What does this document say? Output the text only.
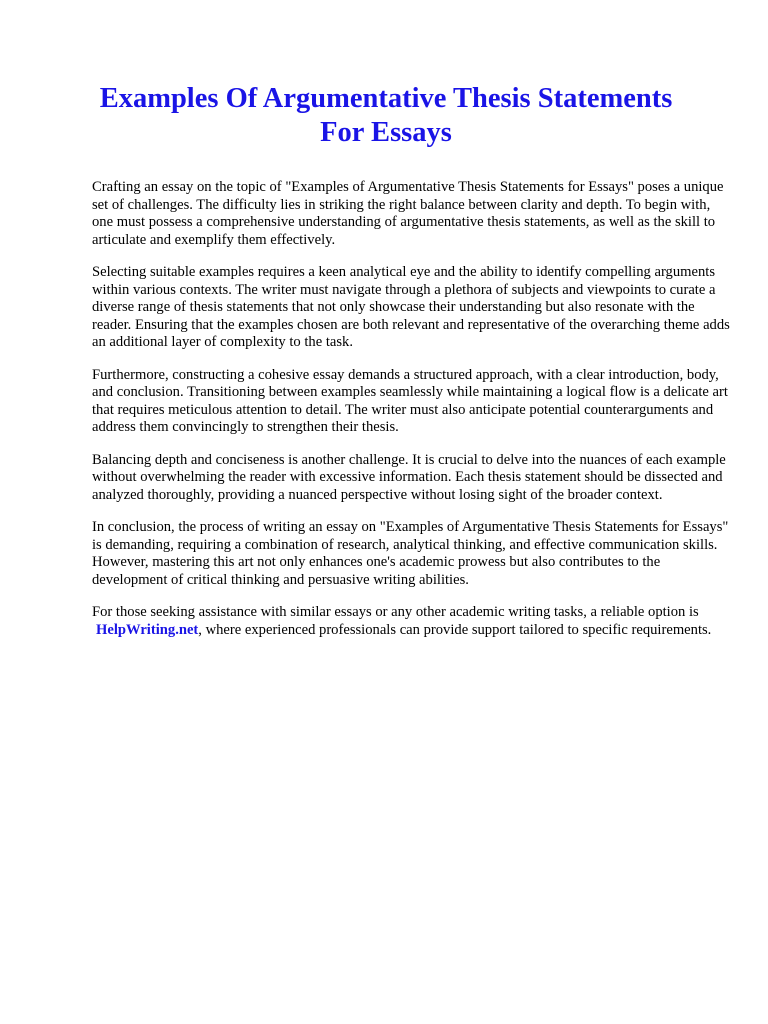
Examples Of Argumentative Thesis Statements For Essays

Crafting an essay on the topic of "Examples of Argumentative Thesis Statements for Essays" poses a unique set of challenges. The difficulty lies in striking the right balance between clarity and depth. To begin with, one must possess a comprehensive understanding of argumentative thesis statements, as well as the skill to articulate and exemplify them effectively.

Selecting suitable examples requires a keen analytical eye and the ability to identify compelling arguments within various contexts. The writer must navigate through a plethora of subjects and viewpoints to curate a diverse range of thesis statements that not only showcase their understanding but also resonate with the reader. Ensuring that the examples chosen are both relevant and representative of the overarching theme adds an additional layer of complexity to the task.

Furthermore, constructing a cohesive essay demands a structured approach, with a clear introduction, body, and conclusion. Transitioning between examples seamlessly while maintaining a logical flow is a delicate art that requires meticulous attention to detail. The writer must also anticipate potential counterarguments and address them convincingly to strengthen their thesis.

Balancing depth and conciseness is another challenge. It is crucial to delve into the nuances of each example without overwhelming the reader with excessive information. Each thesis statement should be dissected and analyzed thoroughly, providing a nuanced perspective without losing sight of the broader context.

In conclusion, the process of writing an essay on "Examples of Argumentative Thesis Statements for Essays" is demanding, requiring a combination of research, analytical thinking, and effective communication skills. However, mastering this art not only enhances one's academic prowess but also contributes to the development of critical thinking and persuasive writing abilities.

For those seeking assistance with similar essays or any other academic writing tasks, a reliable option is HelpWriting.net, where experienced professionals can provide support tailored to specific requirements.
